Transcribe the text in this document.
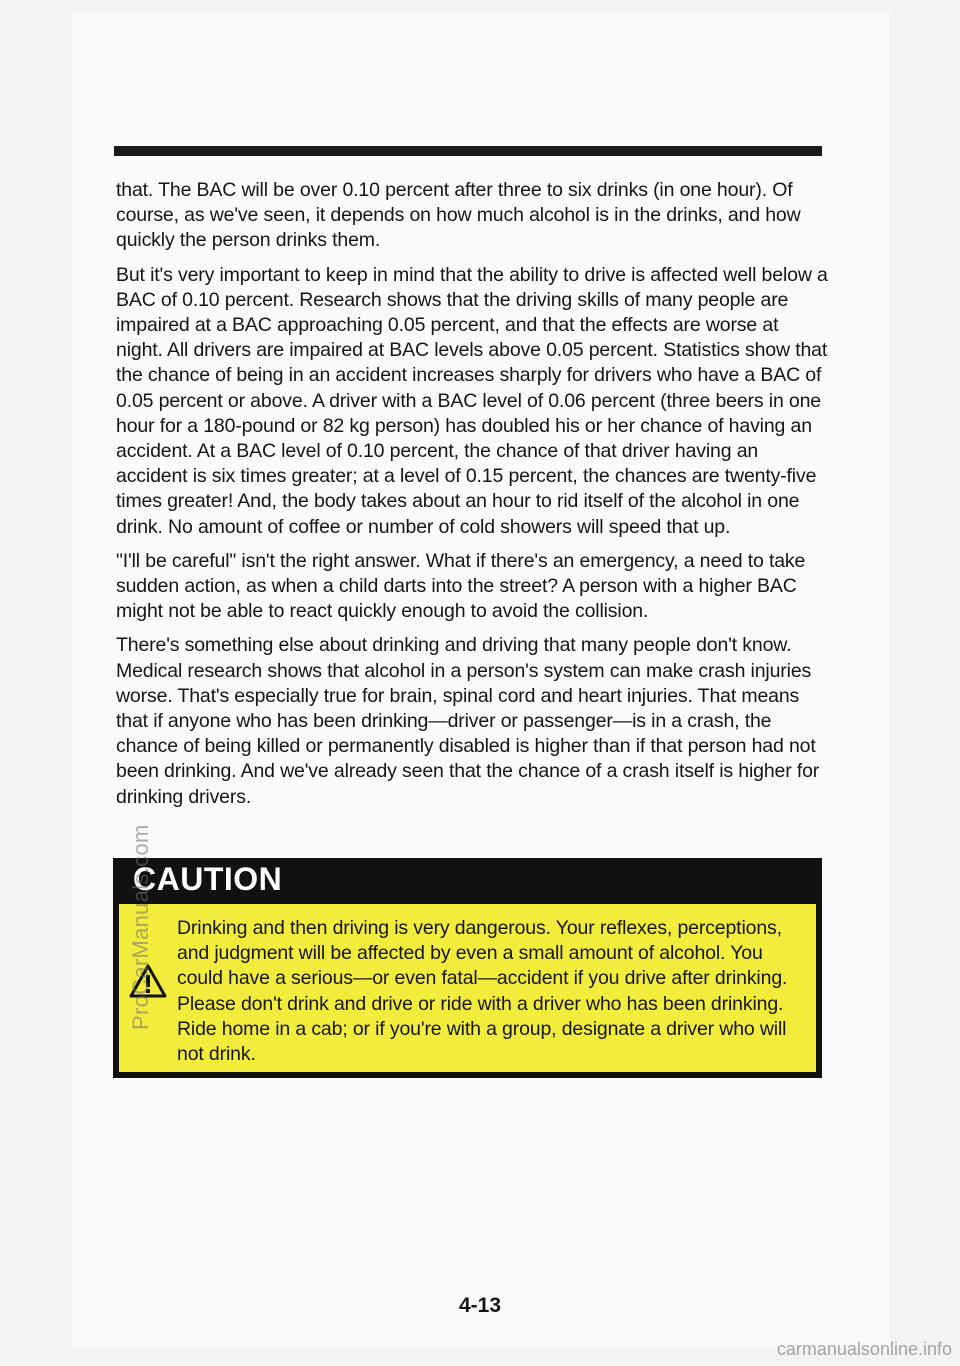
that. The BAC will be over 0.10 percent after three to six drinks (in one hour). Of course, as we've seen, it depends on how much alcohol is in the drinks, and how quickly the person drinks them.

But it's very important to keep in mind that the ability to drive is affected well below a BAC of 0.10 percent. Research shows that the driving skills of many people are impaired at a BAC approaching 0.05 percent, and that the effects are worse at night. All drivers are impaired at BAC levels above 0.05 percent. Statistics show that the chance of being in an accident increases sharply for drivers who have a BAC of 0.05 percent or above. A driver with a BAC level of 0.06 percent (three beers in one hour for a 180-pound or 82 kg person) has doubled his or her chance of having an accident. At a BAC level of 0.10 percent, the chance of that driver having an accident is six times greater; at a level of 0.15 percent, the chances are twenty-five times greater! And, the body takes about an hour to rid itself of the alcohol in one drink. No amount of coffee or number of cold showers will speed that up.

"I'll be careful" isn't the right answer. What if there's an emergency, a need to take sudden action, as when a child darts into the street? A person with a higher BAC might not be able to react quickly enough to avoid the collision.

There's something else about drinking and driving that many people don't know. Medical research shows that alcohol in a person's system can make crash injuries worse. That's especially true for brain, spinal cord and heart injuries. That means that if anyone who has been drinking—driver or passenger—is in a crash, the chance of being killed or permanently disabled is higher than if that person had not been drinking. And we've already seen that the chance of a crash itself is higher for drinking drivers.

CAUTION
Drinking and then driving is very dangerous. Your reflexes, perceptions, and judgment will be affected by even a small amount of alcohol. You could have a serious—or even fatal—accident if you drive after drinking. Please don't drink and drive or ride with a driver who has been drinking. Ride home in a cab; or if you're with a group, designate a driver who will not drink.
4-13
ProCarManuals.com
carmanualsonline.info
